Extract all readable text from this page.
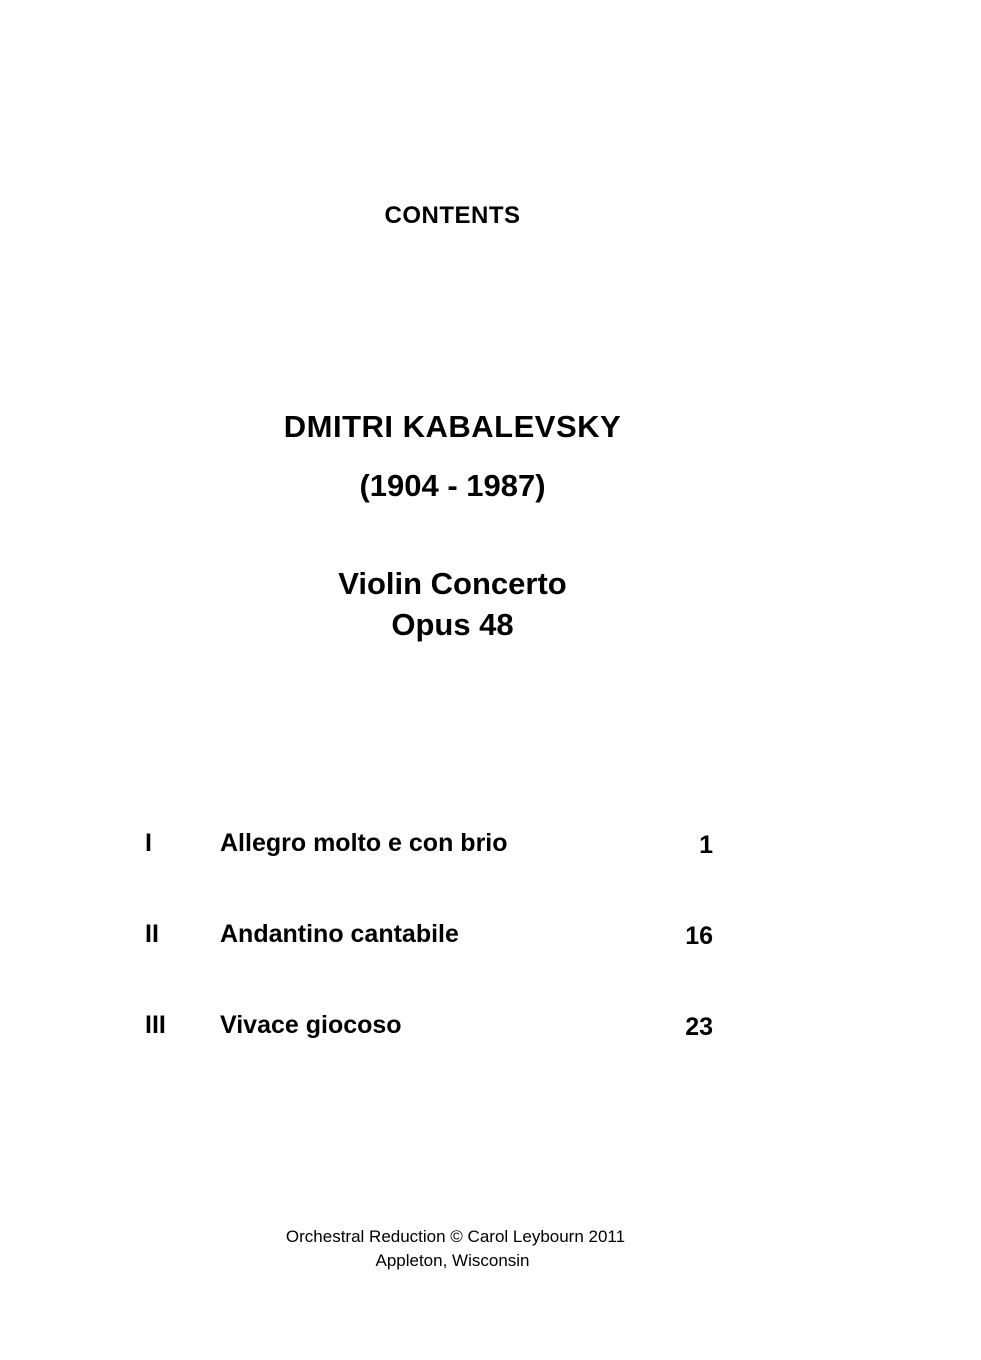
CONTENTS
DMITRI KABALEVSKY
(1904 - 1987)
Violin Concerto
Opus 48
I	Allegro molto e con brio	1
II	Andantino cantabile	16
III	Vivace giocoso	23
Orchestral Reduction © Carol Leybourn 2011
Appleton, Wisconsin
